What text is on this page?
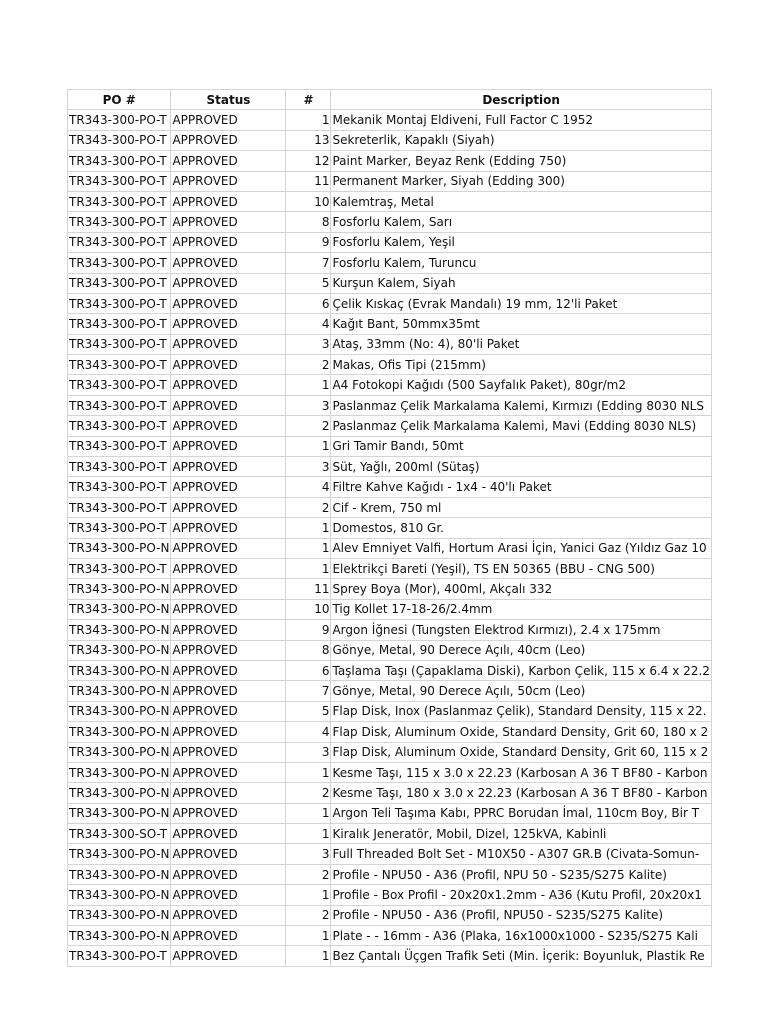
PO #	Status	#	Description
TR343-300-PO-T	APPROVED	1	Mekanik Montaj Eldiveni, Full Factor C 1952
TR343-300-PO-T	APPROVED	13	Sekreterlik, Kapaklı (Siyah)
TR343-300-PO-T	APPROVED	12	Paint Marker, Beyaz Renk (Edding 750)
TR343-300-PO-T	APPROVED	11	Permanent Marker, Siyah (Edding 300)
TR343-300-PO-T	APPROVED	10	Kalemtraş, Metal
TR343-300-PO-T	APPROVED	8	Fosforlu Kalem, Sarı
TR343-300-PO-T	APPROVED	9	Fosforlu Kalem, Yeşil
TR343-300-PO-T	APPROVED	7	Fosforlu Kalem, Turuncu
TR343-300-PO-T	APPROVED	5	Kurşun Kalem, Siyah
TR343-300-PO-T	APPROVED	6	Çelik Kıskaç (Evrak Mandalı) 19 mm, 12'li Paket
TR343-300-PO-T	APPROVED	4	Kağıt Bant, 50mmx35mt
TR343-300-PO-T	APPROVED	3	Ataş, 33mm (No: 4), 80'li Paket
TR343-300-PO-T	APPROVED	2	Makas, Ofis Tipi (215mm)
TR343-300-PO-T	APPROVED	1	A4 Fotokopi Kağıdı (500 Sayfalık Paket), 80gr/m2
TR343-300-PO-T	APPROVED	3	Paslanmaz Çelik Markalama Kalemi, Kırmızı (Edding 8030 NLS
TR343-300-PO-T	APPROVED	2	Paslanmaz Çelik Markalama Kalemi, Mavi (Edding 8030 NLS)
TR343-300-PO-T	APPROVED	1	Gri Tamir Bandı, 50mt
TR343-300-PO-T	APPROVED	3	Süt, Yağlı, 200ml (Sütaş)
TR343-300-PO-T	APPROVED	4	Filtre Kahve Kağıdı - 1x4 - 40'lı Paket
TR343-300-PO-T	APPROVED	2	Cif - Krem, 750 ml
TR343-300-PO-T	APPROVED	1	Domestos, 810 Gr.
TR343-300-PO-N	APPROVED	1	Alev Emniyet Valfi, Hortum Arasi İçin, Yanici Gaz (Yıldız Gaz 10
TR343-300-PO-T	APPROVED	1	Elektrikçi Bareti (Yeşil), TS EN 50365 (BBU - CNG 500)
TR343-300-PO-N	APPROVED	11	Sprey Boya (Mor), 400ml, Akçalı 332
TR343-300-PO-N	APPROVED	10	Tig Kollet 17-18-26/2.4mm
TR343-300-PO-N	APPROVED	9	Argon İğnesi (Tungsten Elektrod Kırmızı), 2.4 x 175mm
TR343-300-PO-N	APPROVED	8	Gönye, Metal, 90 Derece Açılı, 40cm (Leo)
TR343-300-PO-N	APPROVED	6	Taşlama Taşı (Çapaklama Diski), Karbon Çelik, 115 x 6.4 x 22.2
TR343-300-PO-N	APPROVED	7	Gönye, Metal, 90 Derece Açılı, 50cm (Leo)
TR343-300-PO-N	APPROVED	5	Flap Disk, Inox (Paslanmaz Çelik), Standard Density, 115 x 22.
TR343-300-PO-N	APPROVED	4	Flap Disk, Aluminum Oxide, Standard Density, Grit 60, 180 x 2
TR343-300-PO-N	APPROVED	3	Flap Disk, Aluminum Oxide, Standard Density, Grit 60, 115 x 2
TR343-300-PO-N	APPROVED	1	Kesme Taşı, 115 x 3.0 x 22.23 (Karbosan A 36 T BF80 - Karbon
TR343-300-PO-N	APPROVED	2	Kesme Taşı, 180 x 3.0 x 22.23 (Karbosan A 36 T BF80 - Karbon
TR343-300-PO-N	APPROVED	1	Argon Teli Taşıma Kabı, PPRC Borudan İmal, 110cm Boy, Bir T
TR343-300-SO-T	APPROVED	1	Kiralık Jeneratör, Mobil, Dizel, 125kVA, Kabinli
TR343-300-PO-N	APPROVED	3	Full Threaded Bolt Set - M10X50 - A307 GR.B (Civata-Somun-
TR343-300-PO-N	APPROVED	2	Profile - NPU50 - A36 (Profil, NPU 50 - S235/S275 Kalite)
TR343-300-PO-N	APPROVED	1	Profile - Box Profil - 20x20x1.2mm - A36 (Kutu Profil, 20x20x1
TR343-300-PO-N	APPROVED	2	Profile - NPU50 - A36 (Profil, NPU50 - S235/S275 Kalite)
TR343-300-PO-N	APPROVED	1	Plate - - 16mm - A36 (Plaka, 16x1000x1000 - S235/S275 Kali
TR343-300-PO-T	APPROVED	1	Bez Çantalı Üçgen Trafik Seti (Min. İçerik: Boyunluk, Plastik Re
